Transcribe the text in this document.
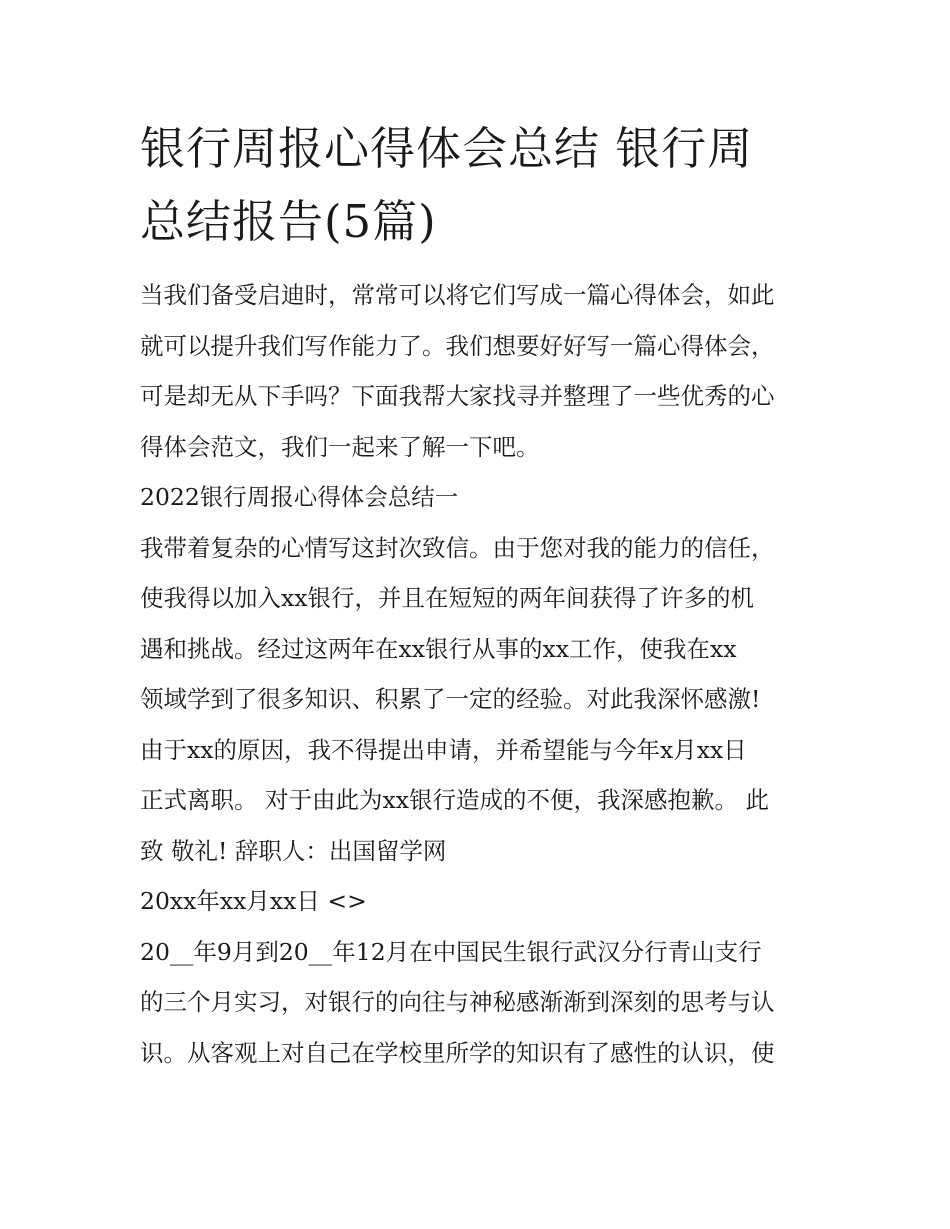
银行周报心得体会总结 银行周
总结报告(5篇)

当我们备受启迪时，常常可以将它们写成一篇心得体会，如此

就可以提升我们写作能力了。我们想要好好写一篇心得体会，

可是却无从下手吗？下面我帮大家找寻并整理了一些优秀的心

得体会范文，我们一起来了解一下吧。

2022银行周报心得体会总结一

我带着复杂的心情写这封次致信。由于您对我的能力的信任，

使我得以加入xx银行，并且在短短的两年间获得了许多的机

遇和挑战。经过这两年在xx银行从事的xx工作，使我在xx

领域学到了很多知识、积累了一定的经验。对此我深怀感激!

由于xx的原因，我不得提出申请，并希望能与今年x月xx日

正式离职。 对于由此为xx银行造成的不便，我深感抱歉。 此

致 敬礼! 辞职人：出国留学网

20xx年xx月xx日 <>

20__年9月到20__年12月在中国民生银行武汉分行青山支行

的三个月实习，对银行的向往与神秘感渐渐到深刻的思考与认

识。从客观上对自己在学校里所学的知识有了感性的认识，使
